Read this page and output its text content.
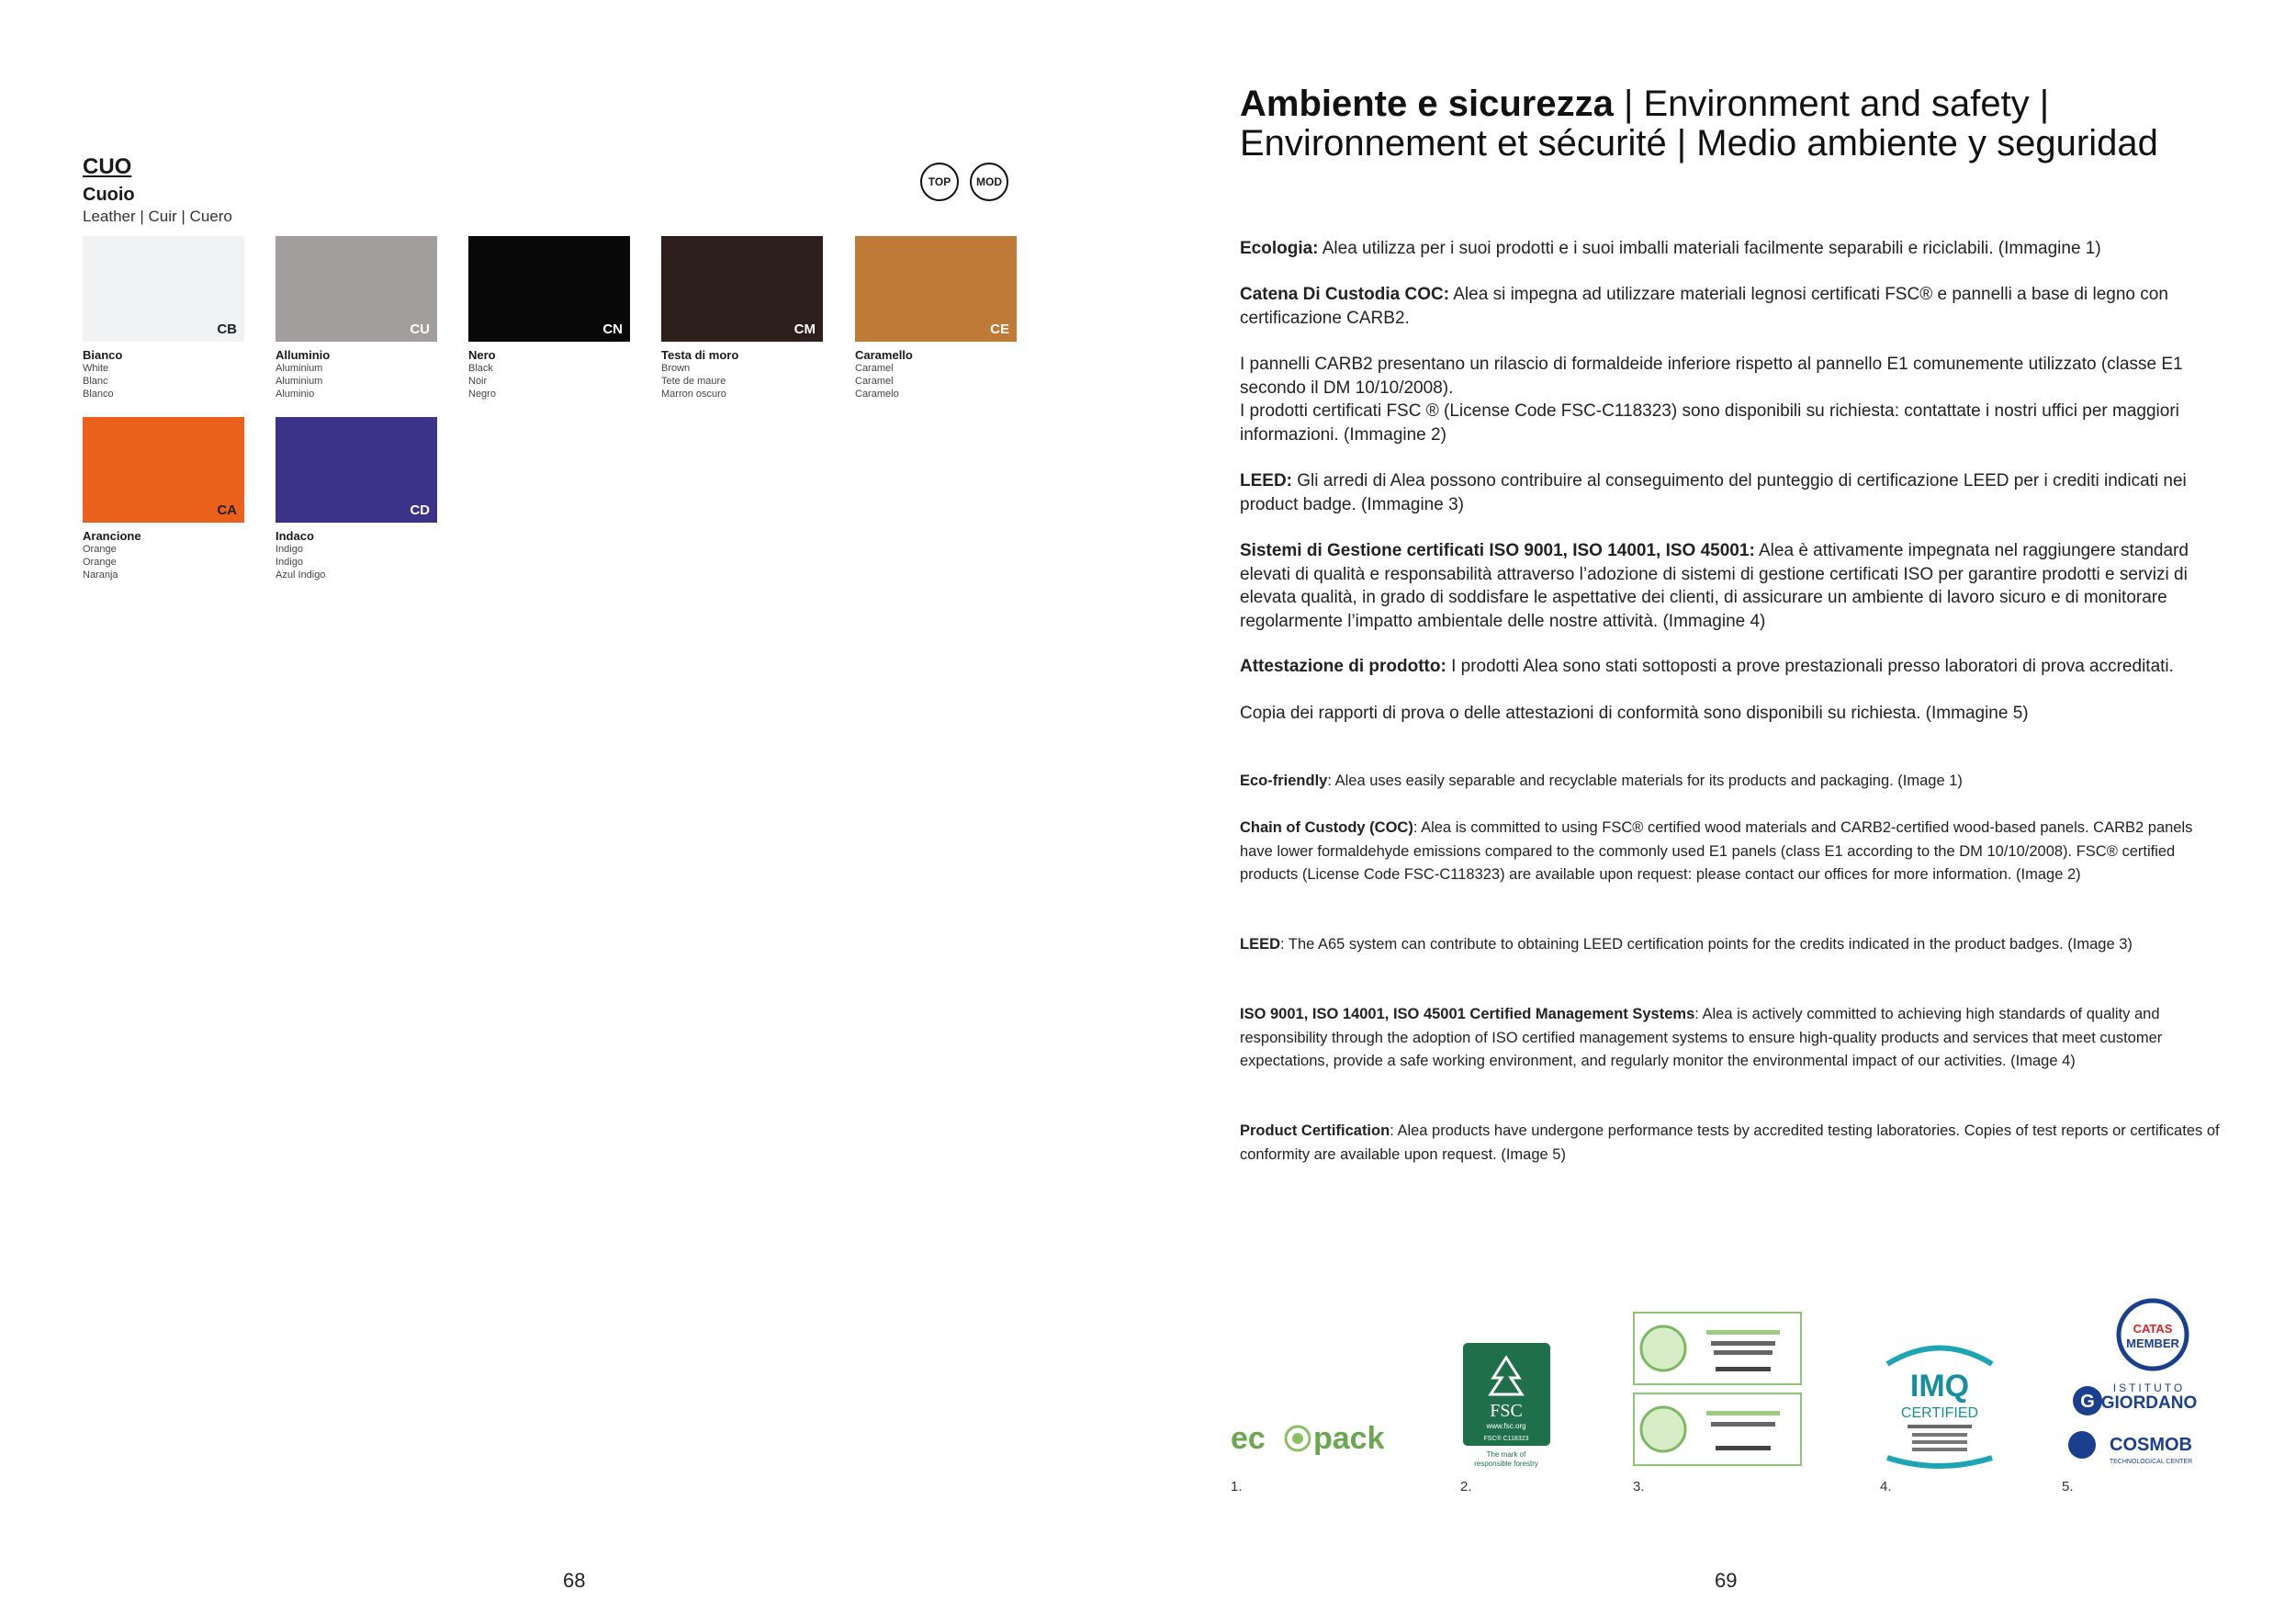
CUO
Cuoio
Leather | Cuir | Cuero
TOP	MOD
CB
Bianco
White
Blanc
Blanco
CU
Alluminio
Aluminium
Aluminium
Aluminio
CN
Nero
Black
Noir
Negro
CM
Testa di moro
Brown
Tete de maure
Marron oscuro
CE
Caramello
Caramel
Caramel
Caramelo
CA
Arancione
Orange
Orange
Naranja
CD
Indaco
Indigo
Indigo
Azul Indigo
68
Ambiente e sicurezza | Environment and safety | Environnement et sécurité | Medio ambiente y seguridad
Ecologia: Alea utilizza per i suoi prodotti e i suoi imballi materiali facilmente separabili e riciclabili. (Immagine 1)
Catena Di Custodia COC: Alea si impegna ad utilizzare materiali legnosi certificati FSC® e pannelli a base di legno con certificazione CARB2.
I pannelli CARB2 presentano un rilascio di formaldeide inferiore rispetto al pannello E1 comunemente utilizzato (classe E1 secondo il DM 10/10/2008).
I prodotti certificati FSC ® (License Code FSC-C118323) sono disponibili su richiesta: contattate i nostri uffici per maggiori informazioni. (Immagine 2)
LEED: Gli arredi di Alea possono contribuire al conseguimento del punteggio di certificazione LEED per i crediti indicati nei product badge. (Immagine 3)
Sistemi di Gestione certificati ISO 9001, ISO 14001, ISO 45001: Alea è attivamente impegnata nel raggiungere standard elevati di qualità e responsabilità attraverso l’adozione di sistemi di gestione certificati ISO per garantire prodotti e servizi di elevata qualità, in grado di soddisfare le aspettative dei clienti, di assicurare un ambiente di lavoro sicuro e di monitorare regolarmente l’impatto ambientale delle nostre attività. (Immagine 4)
Attestazione di prodotto: I prodotti Alea sono stati sottoposti a prove prestazionali presso laboratori di prova accreditati.
Copia dei rapporti di prova o delle attestazioni di conformità sono disponibili su richiesta. (Immagine 5)
Eco-friendly: Alea uses easily separable and recyclable materials for its products and packaging. (Image 1)
Chain of Custody (COC): Alea is committed to using FSC® certified wood materials and CARB2-certified wood-based panels. CARB2 panels have lower formaldehyde emissions compared to the commonly used E1 panels (class E1 according to the DM 10/10/2008). FSC® certified products (License Code FSC-C118323) are available upon request: please contact our offices for more information. (Image 2)
LEED: The A65 system can contribute to obtaining LEED certification points for the credits indicated in the product badges. (Image 3)
ISO 9001, ISO 14001, ISO 45001 Certified Management Systems: Alea is actively committed to achieving high standards of quality and responsibility through the adoption of ISO certified management systems to ensure high-quality products and services that meet customer expectations, provide a safe working environment, and regularly monitor the environmental impact of our activities. (Image 4)
Product Certification: Alea products have undergone performance tests by accredited testing laboratories. Copies of test reports or certificates of conformity are available upon request. (Image 5)
ec pack
1.
FSC
www.fsc.org
FSC® C118323
The mark of
responsible forestry
2.	3.
IMQ
CERTIFIED
4.
CATAS
MEMBER
G
ISTITUTO
GIORDANO
COSMOB
TECHNOLOGICAL CENTER
5.
69
